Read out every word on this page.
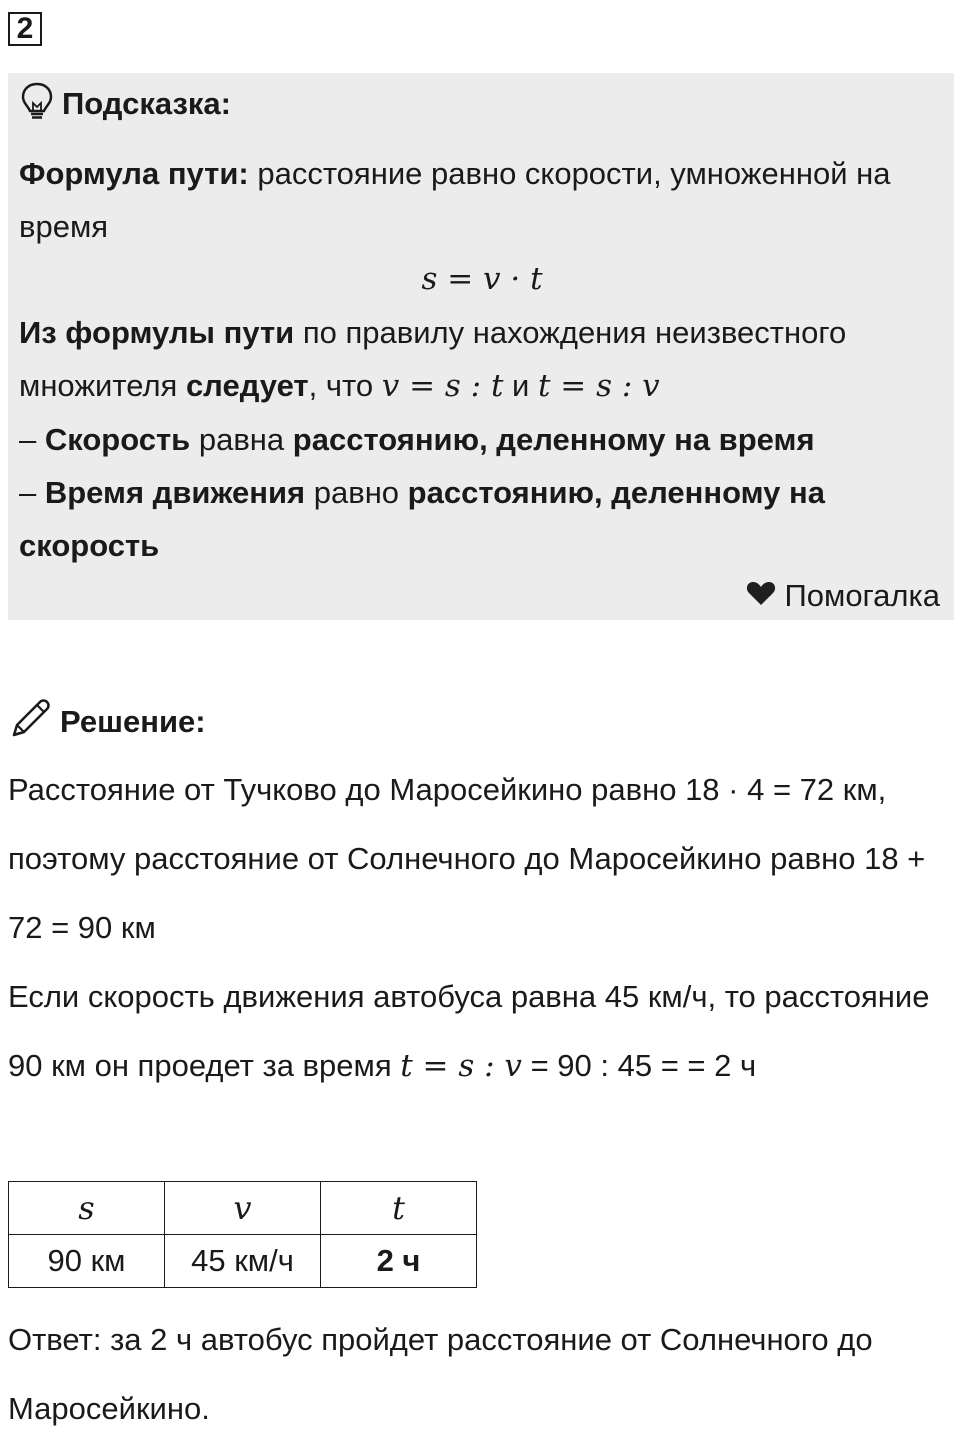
2
Подсказка:

Формула пути: расстояние равно скорости, умноженной на время

s = v · t

Из формулы пути по правилу нахождения неизвестного множителя следует, что v = s : t и t = s : v

– Скорость равна расстоянию, деленному на время

– Время движения равно расстоянию, деленному на скорость

Помогалка
Решение:

Расстояние от Тучково до Маросейкино равно 18 · 4 = 72 км, поэтому расстояние от Солнечного до Маросейкино равно 18 + 72 = 90 км

Если скорость движения автобуса равна 45 км/ч, то расстояние 90 км он проедет за время t = s : v = 90 : 45 = = 2 ч

s	v	t
90 км	45 км/ч	2 ч

Ответ: за 2 ч автобус пройдет расстояние от Солнечного до Маросейкино.
